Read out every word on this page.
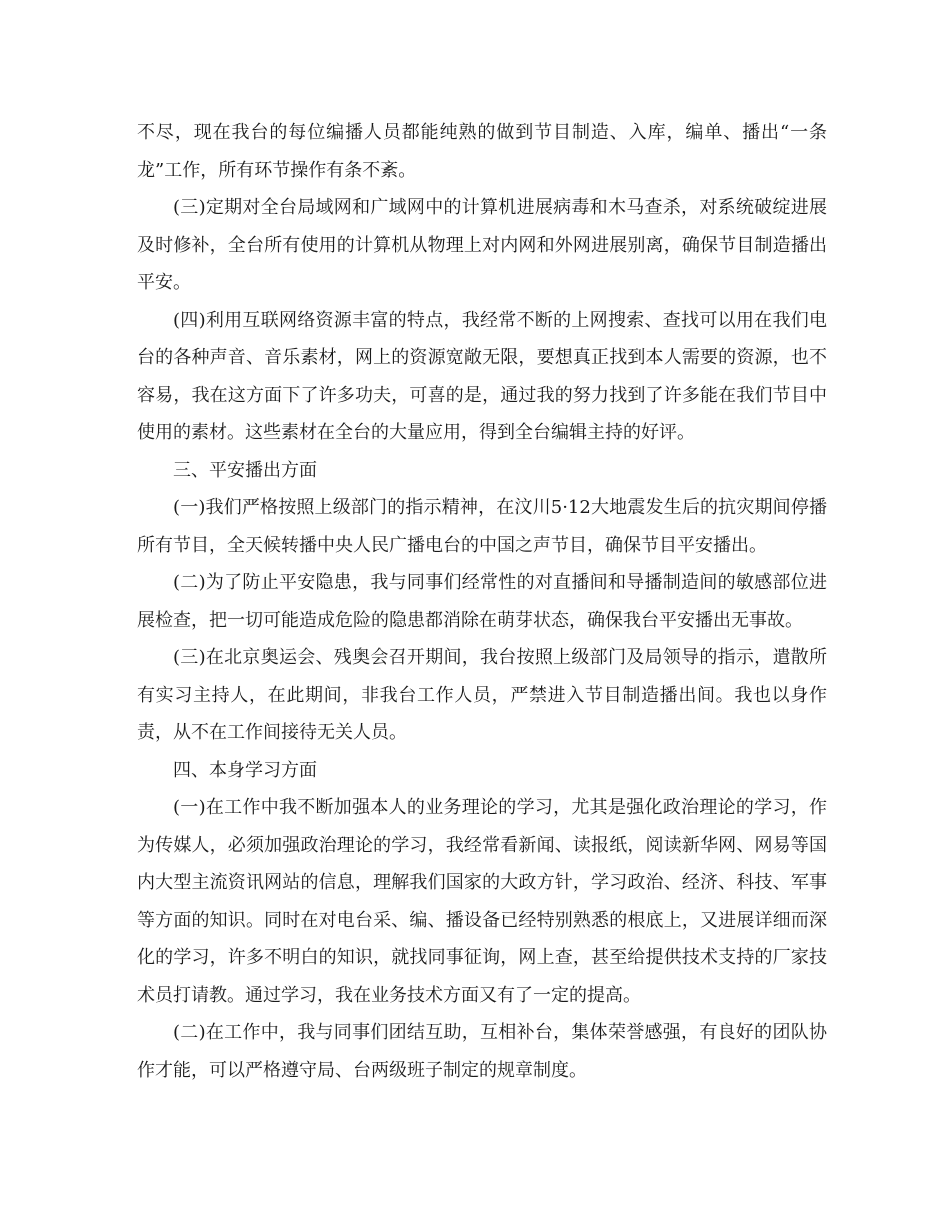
不尽，现在我台的每位编播人员都能纯熟的做到节目制造、入库，编单、播出“一条龙”工作，所有环节操作有条不紊。

(三)定期对全台局域网和广域网中的计算机进展病毒和木马查杀，对系统破绽进展及时修补，全台所有使用的计算机从物理上对内网和外网进展别离，确保节目制造播出平安。

(四)利用互联网络资源丰富的特点，我经常不断的上网搜索、查找可以用在我们电台的各种声音、音乐素材，网上的资源宽敞无限，要想真正找到本人需要的资源，也不容易，我在这方面下了许多功夫，可喜的是，通过我的努力找到了许多能在我们节目中使用的素材。这些素材在全台的大量应用，得到全台编辑主持的好评。

三、平安播出方面

(一)我们严格按照上级部门的指示精神，在汶川5·12大地震发生后的抗灾期间停播所有节目，全天候转播中央人民广播电台的中国之声节目，确保节目平安播出。

(二)为了防止平安隐患，我与同事们经常性的对直播间和导播制造间的敏感部位进展检查，把一切可能造成危险的隐患都消除在萌芽状态，确保我台平安播出无事故。

(三)在北京奥运会、残奥会召开期间，我台按照上级部门及局领导的指示，遣散所有实习主持人，在此期间，非我台工作人员，严禁进入节目制造播出间。我也以身作责，从不在工作间接待无关人员。

四、本身学习方面

(一)在工作中我不断加强本人的业务理论的学习，尤其是强化政治理论的学习，作为传媒人，必须加强政治理论的学习，我经常看新闻、读报纸，阅读新华网、网易等国内大型主流资讯网站的信息，理解我们国家的大政方针，学习政治、经济、科技、军事等方面的知识。同时在对电台采、编、播设备已经特别熟悉的根底上，又进展详细而深化的学习，许多不明白的知识，就找同事征询，网上查，甚至给提供技术支持的厂家技术员打请教。通过学习，我在业务技术方面又有了一定的提高。

(二)在工作中，我与同事们团结互助，互相补台，集体荣誉感强，有良好的团队协作才能，可以严格遵守局、台两级班子制定的规章制度。
